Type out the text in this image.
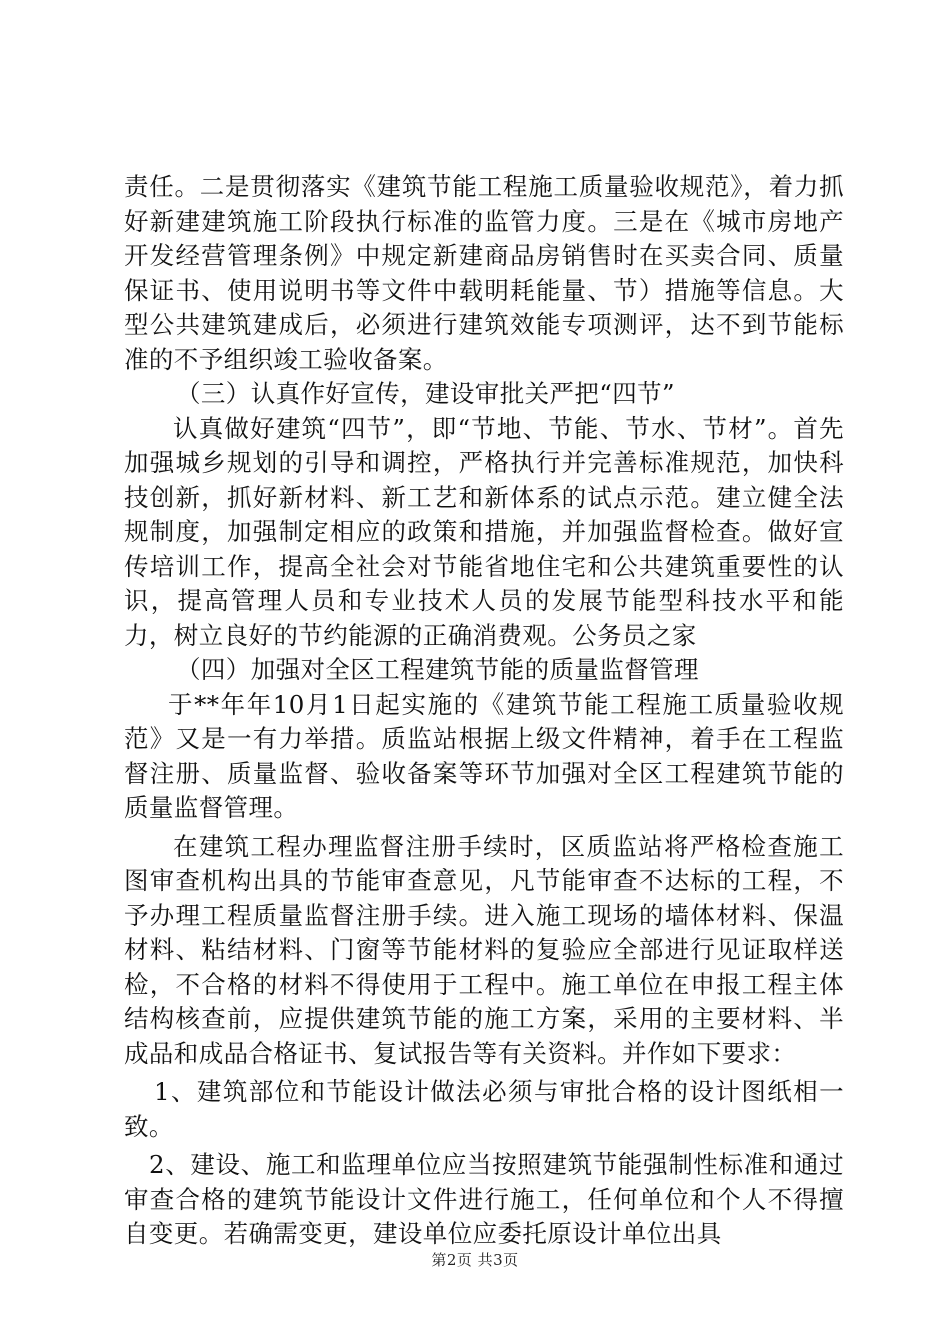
责任。二是贯彻落实《建筑节能工程施工质量验收规范》，着力抓好新建建筑施工阶段执行标准的监管力度。三是在《城市房地产开发经营管理条例》中规定新建商品房销售时在买卖合同、质量保证书、使用说明书等文件中载明耗能量、节）措施等信息。大型公共建筑建成后，必须进行建筑效能专项测评，达不到节能标准的不予组织竣工验收备案。

（三）认真作好宣传，建设审批关严把“四节”

认真做好建筑“四节”，即“节地、节能、节水、节材”。首先加强城乡规划的引导和调控，严格执行并完善标准规范，加快科技创新，抓好新材料、新工艺和新体系的试点示范。建立健全法规制度，加强制定相应的政策和措施，并加强监督检查。做好宣传培训工作，提高全社会对节能省地住宅和公共建筑重要性的认识，提高管理人员和专业技术人员的发展节能型科技水平和能力，树立良好的节约能源的正确消费观。公务员之家

（四）加强对全区工程建筑节能的质量监督管理

于**年年10月1日起实施的《建筑节能工程施工质量验收规范》又是一有力举措。质监站根据上级文件精神，着手在工程监督注册、质量监督、验收备案等环节加强对全区工程建筑节能的质量监督管理。

在建筑工程办理监督注册手续时，区质监站将严格检查施工图审查机构出具的节能审查意见，凡节能审查不达标的工程，不予办理工程质量监督注册手续。进入施工现场的墙体材料、保温材料、粘结材料、门窗等节能材料的复验应全部进行见证取样送检，不合格的材料不得使用于工程中。施工单位在申报工程主体结构核查前，应提供建筑节能的施工方案，采用的主要材料、半成品和成品合格证书、复试报告等有关资料。并作如下要求：

1、建筑部位和节能设计做法必须与审批合格的设计图纸相一致。

2、建设、施工和监理单位应当按照建筑节能强制性标准和通过审查合格的建筑节能设计文件进行施工，任何单位和个人不得擅自变更。若确需变更，建设单位应委托原设计单位出具

第2页 共3页
